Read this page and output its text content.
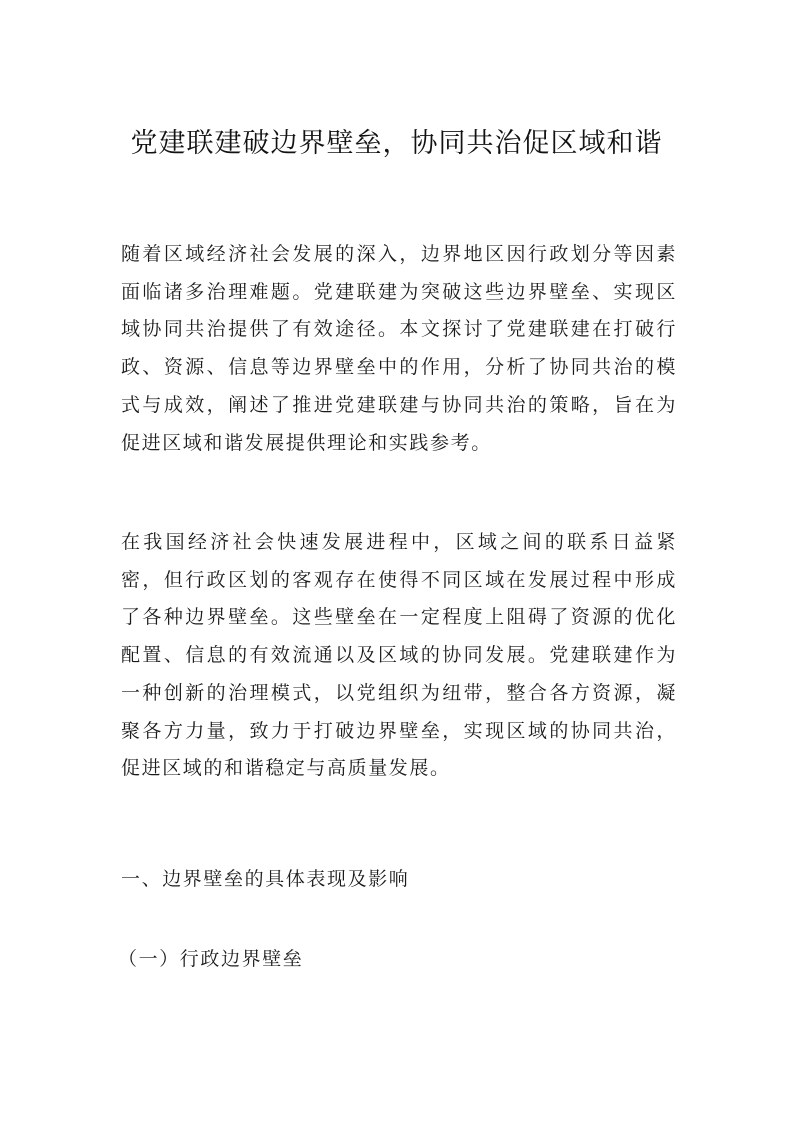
党建联建破边界壁垒，协同共治促区域和谐

随着区域经济社会发展的深入，边界地区因行政划分等因素面临诸多治理难题。党建联建为突破这些边界壁垒、实现区域协同共治提供了有效途径。本文探讨了党建联建在打破行政、资源、信息等边界壁垒中的作用，分析了协同共治的模式与成效，阐述了推进党建联建与协同共治的策略，旨在为促进区域和谐发展提供理论和实践参考。

在我国经济社会快速发展进程中，区域之间的联系日益紧密，但行政区划的客观存在使得不同区域在发展过程中形成了各种边界壁垒。这些壁垒在一定程度上阻碍了资源的优化配置、信息的有效流通以及区域的协同发展。党建联建作为一种创新的治理模式，以党组织为纽带，整合各方资源，凝聚各方力量，致力于打破边界壁垒，实现区域的协同共治，促进区域的和谐稳定与高质量发展。

一、边界壁垒的具体表现及影响
（一）行政边界壁垒
